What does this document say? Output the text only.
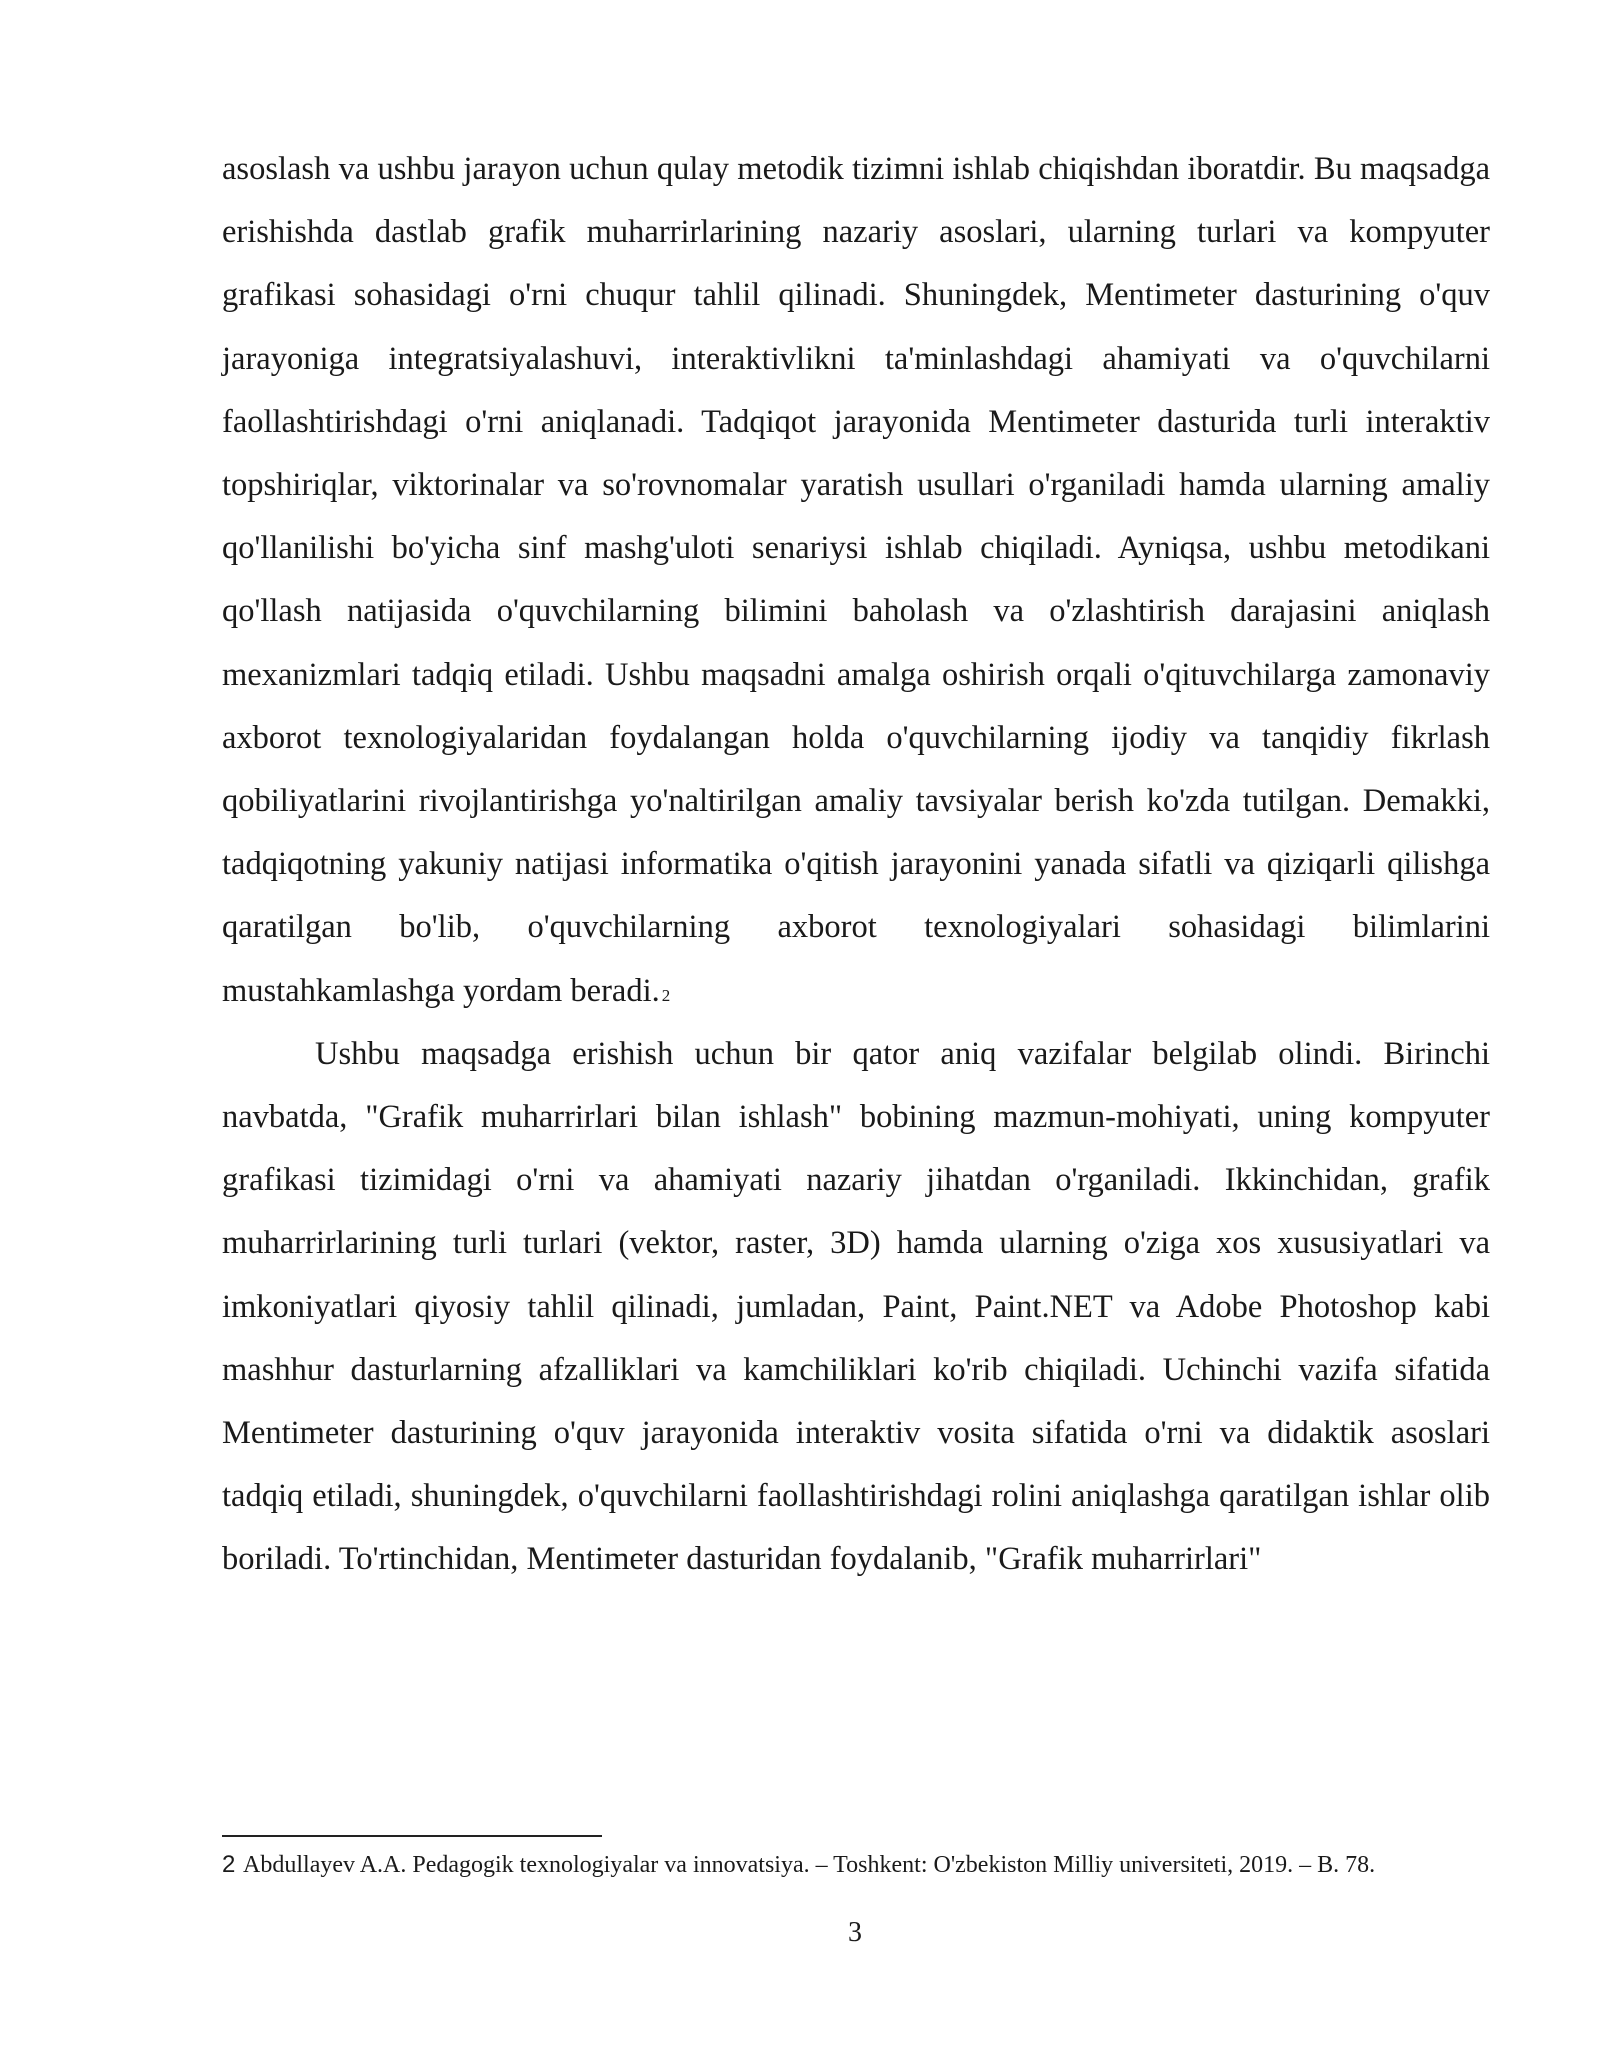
asoslash va ushbu jarayon uchun qulay metodik tizimni ishlab chiqishdan iboratdir. Bu maqsadga erishishda dastlab grafik muharrirlarining nazariy asoslari, ularning turlari va kompyuter grafikasi sohasidagi o'rni chuqur tahlil qilinadi. Shuningdek, Mentimeter dasturining o'quv jarayoniga integratsiyalashuvi, interaktivlikni ta'minlashdagi ahamiyati va o'quvchilarni faollashtirishdagi o'rni aniqlanadi. Tadqiqot jarayonida Mentimeter dasturida turli interaktiv topshiriqlar, viktorinalar va so'rovnomalar yaratish usullari o'rganiladi hamda ularning amaliy qo'llanilishi bo'yicha sinf mashg'uloti senariysi ishlab chiqiladi. Ayniqsa, ushbu metodikani qo'llash natijasida o'quvchilarning bilimini baholash va o'zlashtirish darajasini aniqlash mexanizmlari tadqiq etiladi. Ushbu maqsadni amalga oshirish orqali o'qituvchilarga zamonaviy axborot texnologiyalaridan foydalangan holda o'quvchilarning ijodiy va tanqidiy fikrlash qobiliyatlarini rivojlantirishga yo'naltirilgan amaliy tavsiyalar berish ko'zda tutilgan. Demakki, tadqiqotning yakuniy natijasi informatika o'qitish jarayonini yanada sifatli va qiziqarli qilishga qaratilgan bo'lib, o'quvchilarning axborot texnologiyalari sohasidagi bilimlarini mustahkamlashga yordam beradi. $^2$

Ushbu maqsadga erishish uchun bir qator aniq vazifalar belgilab olindi. Birinchi navbatda, "Grafik muharrirlari bilan ishlash" bobining mazmun-mohiyati, uning kompyuter grafikasi tizimidagi o'rni va ahamiyati nazariy jihatdan o'rganiladi. Ikkinchidan, grafik muharrirlarining turli turlari (vektor, raster, 3D) hamda ularning o'ziga xos xususiyatlari va imkoniyatlari qiyosiy tahlil qilinadi, jumladan, Paint, Paint.NET va Adobe Photoshop kabi mashhur dasturlarning afzalliklari va kamchiliklari ko'rib chiqiladi. Uchinchi vazifa sifatida Mentimeter dasturining o'quv jarayonida interaktiv vosita sifatida o'rni va didaktik asoslari tadqiq etiladi, shuningdek, o'quvchilarni faollashtirishdagi rolini aniqlashga qaratilgan ishlar olib boriladi. To'rtinchidan, Mentimeter dasturidan foydalanib, "Grafik muharrirlari"

2 Abdullayev A.A. Pedagogik texnologiyalar va innovatsiya. – Toshkent: O'zbekiston Milliy universiteti, 2019. – B. 78.

3
